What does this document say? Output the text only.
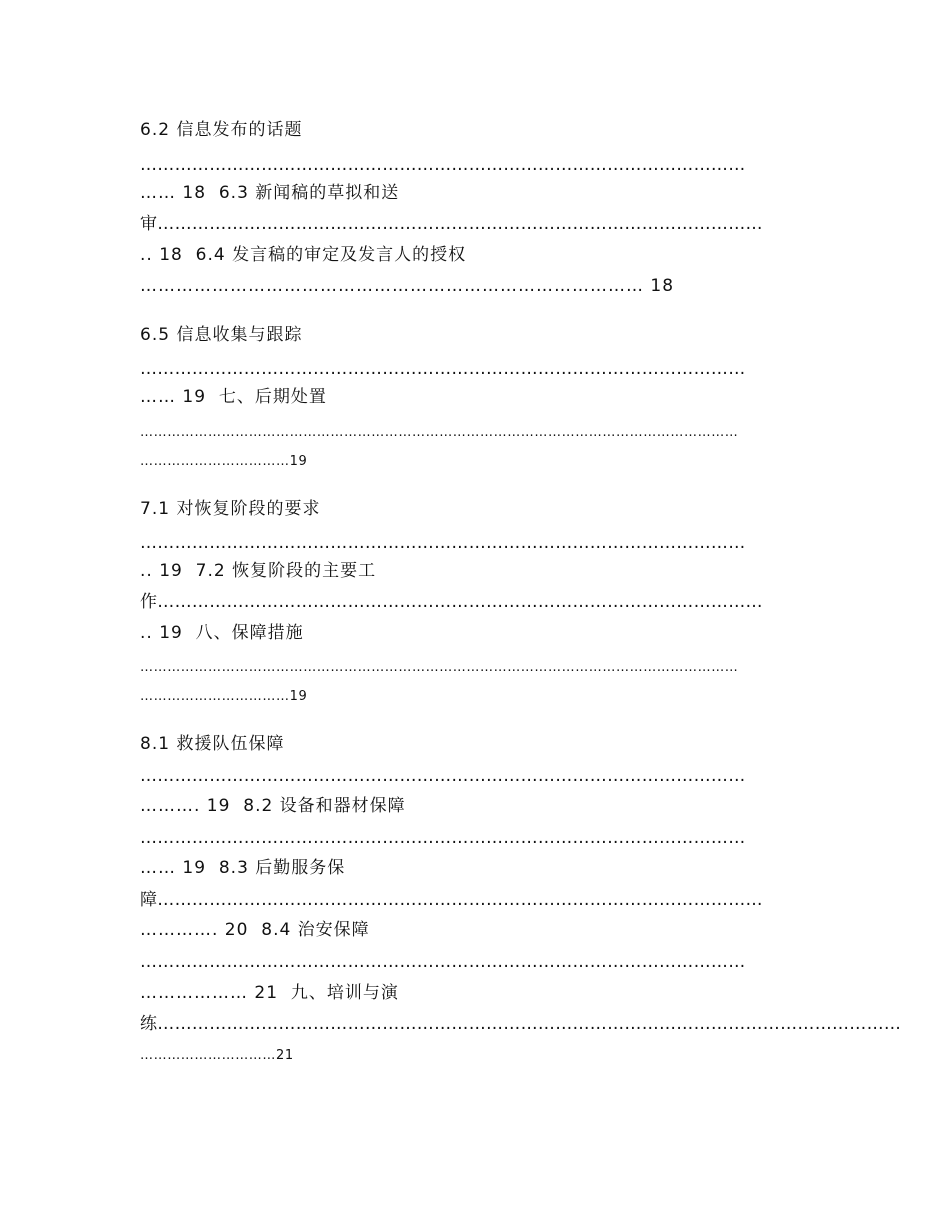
6.2 信息发布的话题
……………………………………………………………………………………………
…… 18  6.3 新闻稿的草拟和送
审……………………………………………………………………………………………
.. 18  6.4 发言稿的审定及发言人的授权
………………………………………………………………………… 18
6.5 信息收集与跟踪
……………………………………………………………………………………………
…… 19  七、后期处置
……………………………………………………………………………………………………………………
……………………………19
7.1 对恢复阶段的要求
……………………………………………………………………………………………
.. 19  7.2 恢复阶段的主要工
作……………………………………………………………………………………………
.. 19  八、保障措施
……………………………………………………………………………………………………………………
……………………………19
8.1 救援队伍保障
……………………………………………………………………………………………
………. 19  8.2 设备和器材保障
……………………………………………………………………………………………
…… 19  8.3 后勤服务保
障……………………………………………………………………………………………
…………. 20  8.4 治安保障
……………………………………………………………………………………………
……………… 21  九、培训与演
练…………………………………………………………………………………………………………………
…………………………21
